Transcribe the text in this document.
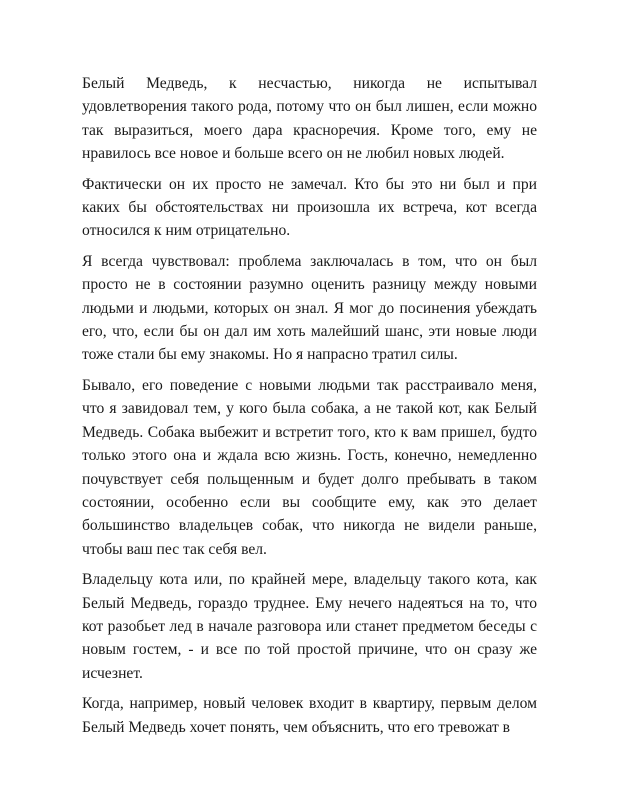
Белый Медведь, к несчастью, никогда не испытывал удовлетворения такого рода, потому что он был лишен, если можно так выразиться, моего дара красноречия. Кроме того, ему не нравилось все новое и больше всего он не любил новых людей.

Фактически он их просто не замечал. Кто бы это ни был и при каких бы обстоятельствах ни произошла их встреча, кот всегда относился к ним отрицательно.

Я всегда чувствовал: проблема заключалась в том, что он был просто не в состоянии разумно оценить разницу между новыми людьми и людьми, которых он знал. Я мог до посинения убеждать его, что, если бы он дал им хоть малейший шанс, эти новые люди тоже стали бы ему знакомы. Но я напрасно тратил силы.

Бывало, его поведение с новыми людьми так расстраивало меня, что я завидовал тем, у кого была собака, а не такой кот, как Белый Медведь. Собака выбежит и встретит того, кто к вам пришел, будто только этого она и ждала всю жизнь. Гость, конечно, немедленно почувствует себя польщенным и будет долго пребывать в таком состоянии, особенно если вы сообщите ему, как это делает большинство владельцев собак, что никогда не видели раньше, чтобы ваш пес так себя вел.

Владельцу кота или, по крайней мере, владельцу такого кота, как Белый Медведь, гораздо труднее. Ему нечего надеяться на то, что кот разобьет лед в начале разговора или станет предметом беседы с новым гостем, - и все по той простой причине, что он сразу же исчезнет.

Когда, например, новый человек входит в квартиру, первым делом Белый Медведь хочет понять, чем объяснить, что его тревожат в
